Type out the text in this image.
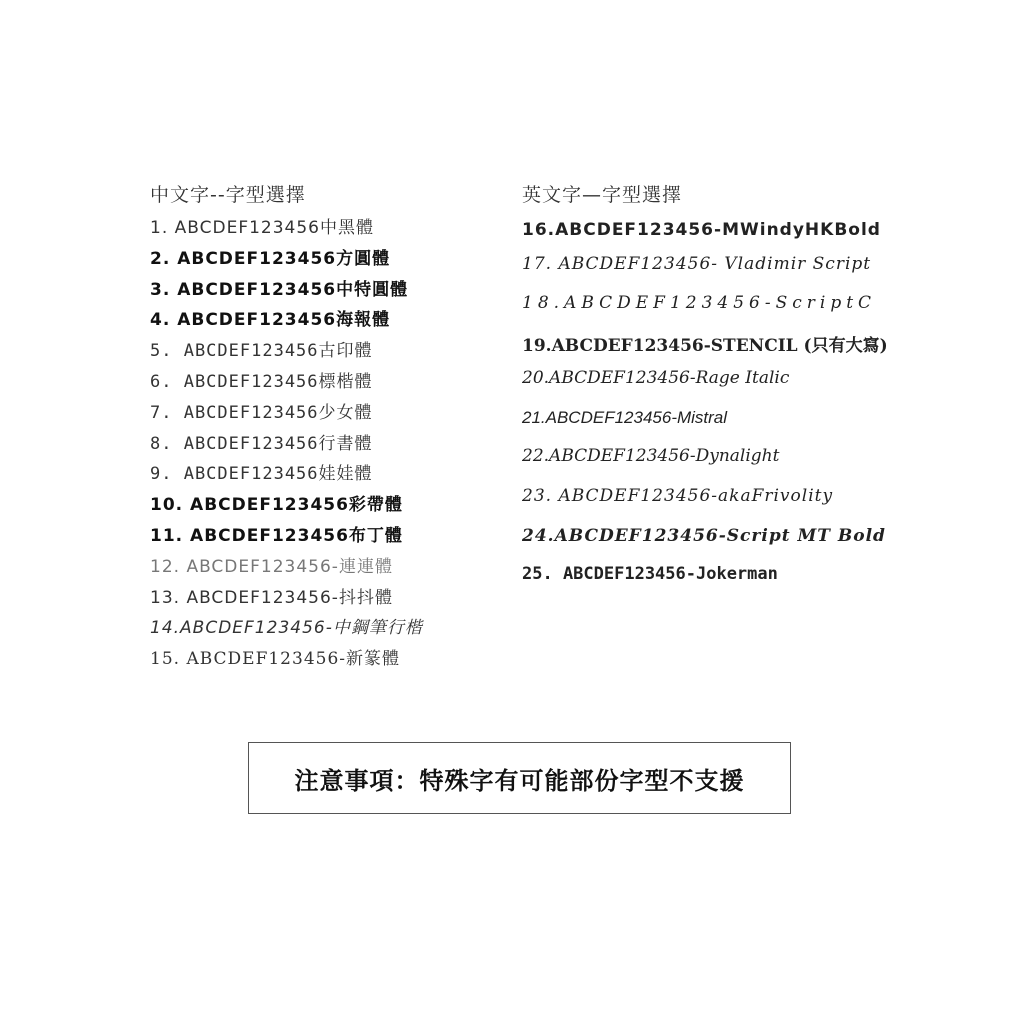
中文字--字型選擇
1. ABCDEF123456中黑體
2. ABCDEF123456方圓體
3. ABCDEF123456中特圓體
4. ABCDEF123456海報體
5. ABCDEF123456古印體
6. ABCDEF123456標楷體
7. ABCDEF123456少女體
8. ABCDEF123456行書體
9. ABCDEF123456娃娃體
10. ABCDEF123456彩帶體
11. ABCDEF123456布丁體
12. ABCDEF123456-連連體
13. ABCDEF123456-抖抖體
14.ABCDEF123456-中鋼筆行楷
15. ABCDEF123456-新篆體
英文字—字型選擇
16.ABCDEF123456-MWindyHKBold
17. ABCDEF123456- Vladimir Script
18.ABCDEF123456-ScriptC
19.ABCDEF123456-STENCIL (只有大寫)
20.ABCDEF123456-Rage Italic
21.ABCDEF123456-Mistral
22.ABCDEF123456-Dynalight
23. ABCDEF123456-akaFrivolity
24.ABCDEF123456-Script MT Bold
25. ABCDEF123456-Jokerman
注意事項：特殊字有可能部份字型不支援
